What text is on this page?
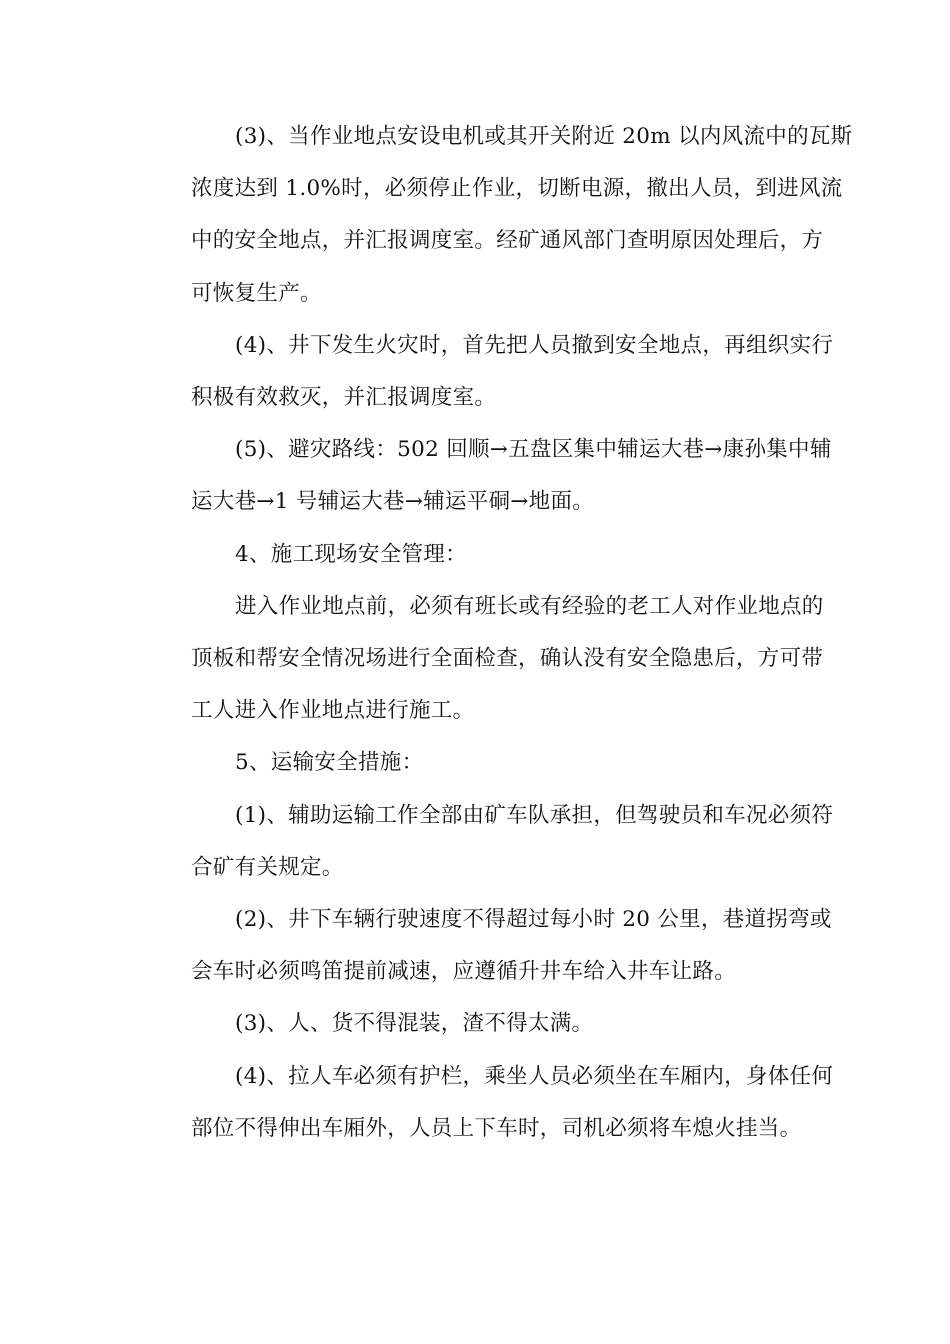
(3)、当作业地点安设电机或其开关附近 20m 以内风流中的瓦斯
浓度达到 1.0%时，必须停止作业，切断电源，撤出人员，到进风流
中的安全地点，并汇报调度室。经矿通风部门查明原因处理后，方
可恢复生产。
(4)、井下发生火灾时，首先把人员撤到安全地点，再组织实行
积极有效救灭，并汇报调度室。
(5)、避灾路线：502 回顺→五盘区集中辅运大巷→康孙集中辅
运大巷→1 号辅运大巷→辅运平硐→地面。
4、施工现场安全管理：
进入作业地点前，必须有班长或有经验的老工人对作业地点的
顶板和帮安全情况场进行全面检查，确认没有安全隐患后，方可带
工人进入作业地点进行施工。
5、运输安全措施：
(1)、辅助运输工作全部由矿车队承担，但驾驶员和车况必须符
合矿有关规定。
(2)、井下车辆行驶速度不得超过每小时 20 公里，巷道拐弯或
会车时必须鸣笛提前减速，应遵循升井车给入井车让路。
(3)、人、货不得混装，渣不得太满。
(4)、拉人车必须有护栏，乘坐人员必须坐在车厢内，身体任何
部位不得伸出车厢外，人员上下车时，司机必须将车熄火挂当。
